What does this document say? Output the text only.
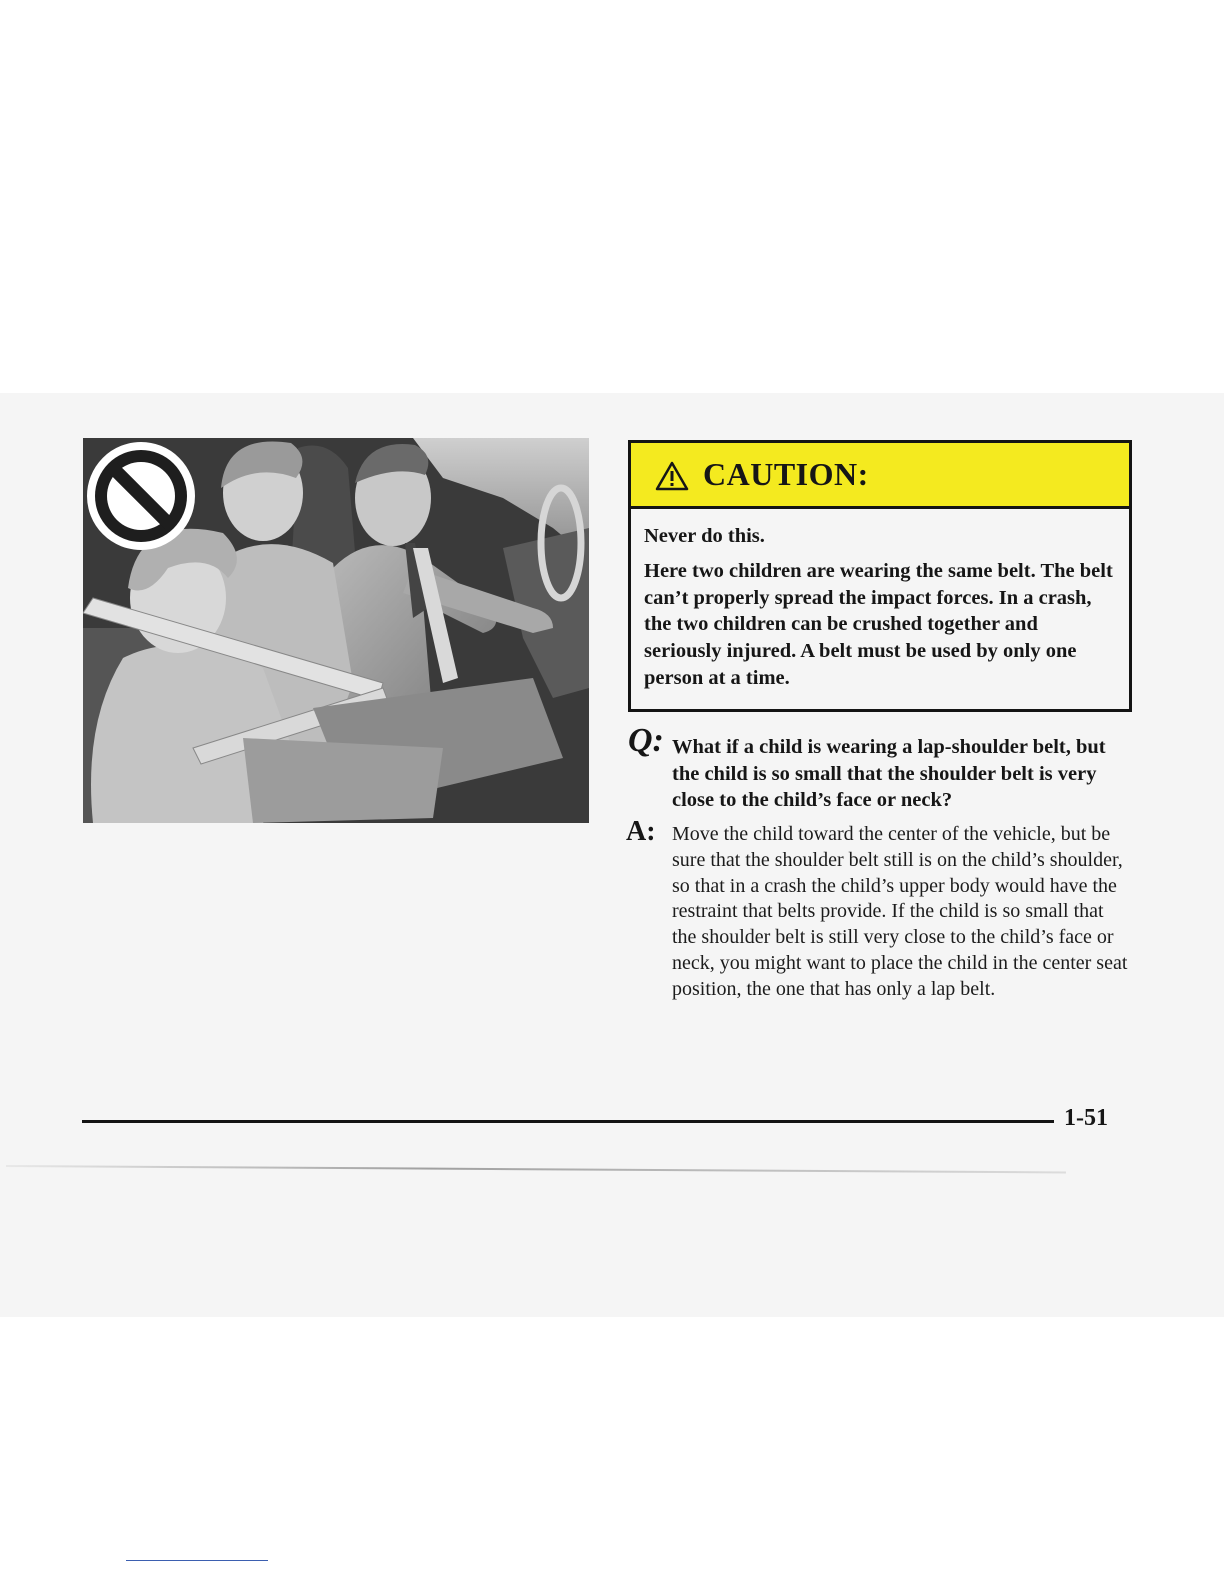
CAUTION:

Never do this.

Here two children are wearing the same belt. The belt can’t properly spread the impact forces. In a crash, the two children can be crushed together and seriously injured. A belt must be used by only one person at a time.

Q: What if a child is wearing a lap-shoulder belt, but the child is so small that the shoulder belt is very close to the child’s face or neck?
A: Move the child toward the center of the vehicle, but be sure that the shoulder belt still is on the child’s shoulder, so that in a crash the child’s upper body would have the restraint that belts provide. If the child is so small that the shoulder belt is still very close to the child’s face or neck, you might want to place the child in the center seat position, the one that has only a lap belt.
1-51
